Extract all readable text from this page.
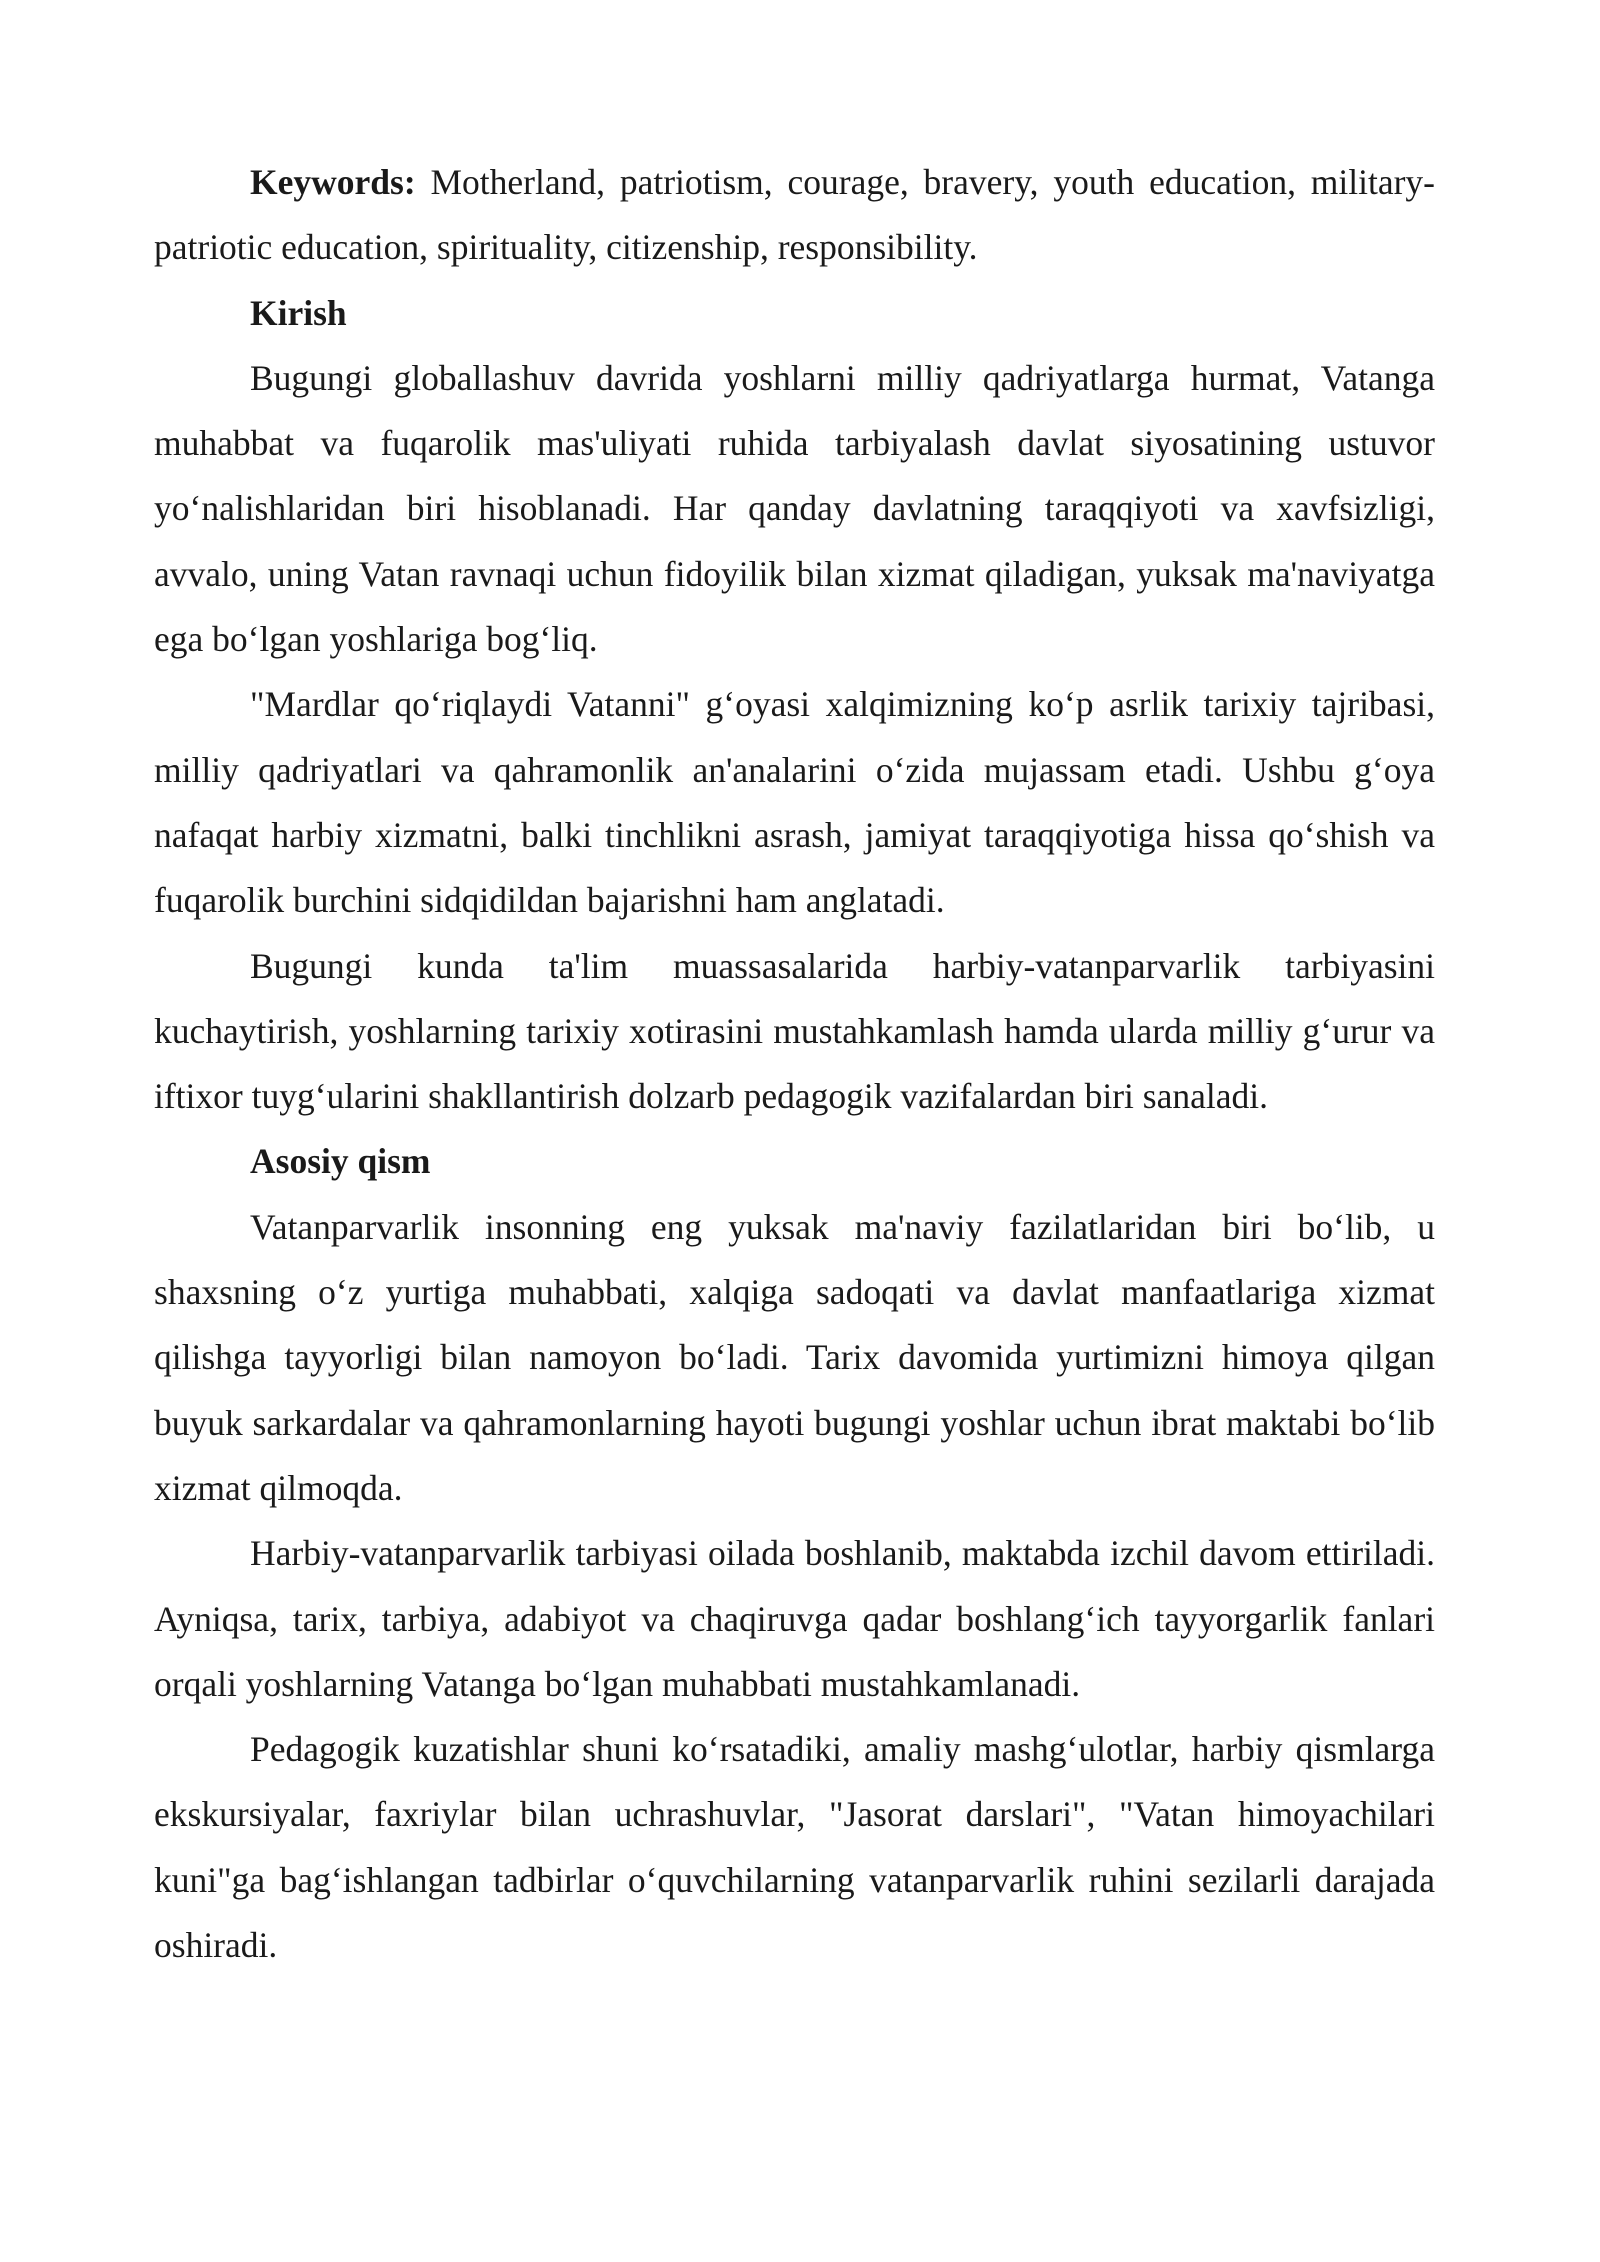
Keywords: Motherland, patriotism, courage, bravery, youth education, military-patriotic education, spirituality, citizenship, responsibility.

Kirish

Bugungi globallashuv davrida yoshlarni milliy qadriyatlarga hurmat, Vatanga muhabbat va fuqarolik mas'uliyati ruhida tarbiyalash davlat siyosatining ustuvor yo‘nalishlaridan biri hisoblanadi. Har qanday davlatning taraqqiyoti va xavfsizligi, avvalo, uning Vatan ravnaqi uchun fidoyilik bilan xizmat qiladigan, yuksak ma'naviyatga ega bo‘lgan yoshlariga bog‘liq.

"Mardlar qo‘riqlaydi Vatanni" g‘oyasi xalqimizning ko‘p asrlik tarixiy tajribasi, milliy qadriyatlari va qahramonlik an'analarini o‘zida mujassam etadi. Ushbu g‘oya nafaqat harbiy xizmatni, balki tinchlikni asrash, jamiyat taraqqiyotiga hissa qo‘shish va fuqarolik burchini sidqidildan bajarishni ham anglatadi.

Bugungi kunda ta'lim muassasalarida harbiy-vatanparvarlik tarbiyasini kuchaytirish, yoshlarning tarixiy xotirasini mustahkamlash hamda ularda milliy g‘urur va iftixor tuyg‘ularini shakllantirish dolzarb pedagogik vazifalardan biri sanaladi.

Asosiy qism

Vatanparvarlik insonning eng yuksak ma'naviy fazilatlaridan biri bo‘lib, u shaxsning o‘z yurtiga muhabbati, xalqiga sadoqati va davlat manfaatlariga xizmat qilishga tayyorligi bilan namoyon bo‘ladi. Tarix davomida yurtimizni himoya qilgan buyuk sarkardalar va qahramonlarning hayoti bugungi yoshlar uchun ibrat maktabi bo‘lib xizmat qilmoqda.

Harbiy-vatanparvarlik tarbiyasi oilada boshlanib, maktabda izchil davom ettiriladi. Ayniqsa, tarix, tarbiya, adabiyot va chaqiruvga qadar boshlang‘ich tayyorgarlik fanlari orqali yoshlarning Vatanga bo‘lgan muhabbati mustahkamlanadi.

Pedagogik kuzatishlar shuni ko‘rsatadiki, amaliy mashg‘ulotlar, harbiy qismlarga ekskursiyalar, faxriylar bilan uchrashuvlar, "Jasorat darslari", "Vatan himoyachilari kuni"ga bag‘ishlangan tadbirlar o‘quvchilarning vatanparvarlik ruhini sezilarli darajada oshiradi.
